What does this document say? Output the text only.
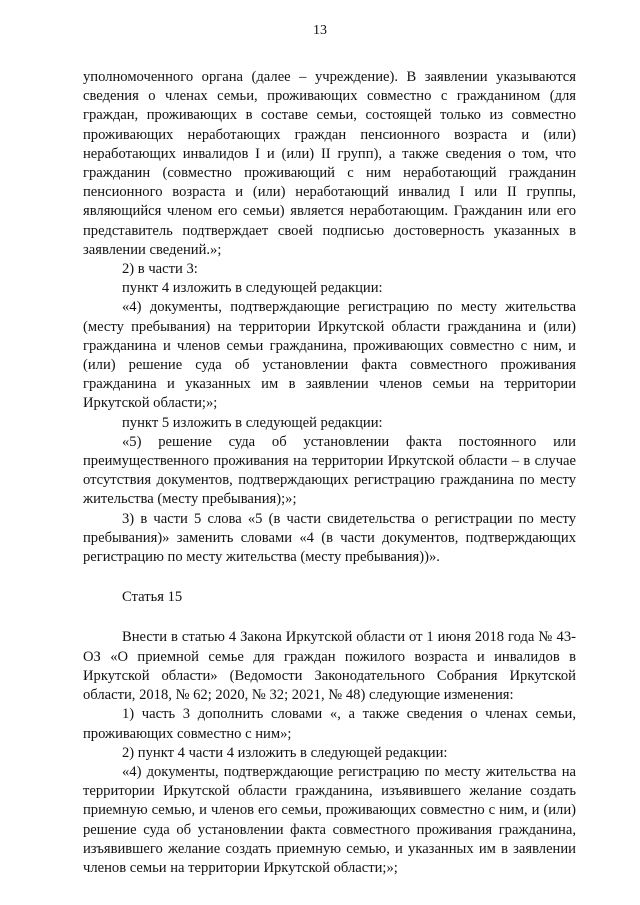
13

уполномоченного органа (далее – учреждение). В заявлении указываются сведения о членах семьи, проживающих совместно с гражданином (для граждан, проживающих в составе семьи, состоящей только из совместно проживающих неработающих граждан пенсионного возраста и (или) неработающих инвалидов I и (или) II групп), а также сведения о том, что гражданин (совместно проживающий с ним неработающий гражданин пенсионного возраста и (или) неработающий инвалид I или II группы, являющийся членом его семьи) является неработающим. Гражданин или его представитель подтверждает своей подписью достоверность указанных в заявлении сведений.»;

2) в части 3:

пункт 4 изложить в следующей редакции:

«4) документы, подтверждающие регистрацию по месту жительства (месту пребывания) на территории Иркутской области гражданина и (или) гражданина и членов семьи гражданина, проживающих совместно с ним, и (или) решение суда об установлении факта совместного проживания гражданина и указанных им в заявлении членов семьи на территории Иркутской области;»;

пункт 5 изложить в следующей редакции:

«5) решение суда об установлении факта постоянного или преимущественного проживания на территории Иркутской области – в случае отсутствия документов, подтверждающих регистрацию гражданина по месту жительства (месту пребывания);»;

3) в части 5 слова «5 (в части свидетельства о регистрации по месту пребывания)» заменить словами «4 (в части документов, подтверждающих регистрацию по месту жительства (месту пребывания))».

Статья 15

Внести в статью 4 Закона Иркутской области от 1 июня 2018 года № 43-ОЗ «О приемной семье для граждан пожилого возраста и инвалидов в Иркутской области» (Ведомости Законодательного Собрания Иркутской области, 2018, № 62; 2020, № 32; 2021, № 48) следующие изменения:

1) часть 3 дополнить словами «, а также сведения о членах семьи, проживающих совместно с ним»;

2) пункт 4 части 4 изложить в следующей редакции:

«4) документы, подтверждающие регистрацию по месту жительства на территории Иркутской области гражданина, изъявившего желание создать приемную семью, и членов его семьи, проживающих совместно с ним, и (или) решение суда об установлении факта совместного проживания гражданина, изъявившего желание создать приемную семью, и указанных им в заявлении членов семьи на территории Иркутской области;»;
